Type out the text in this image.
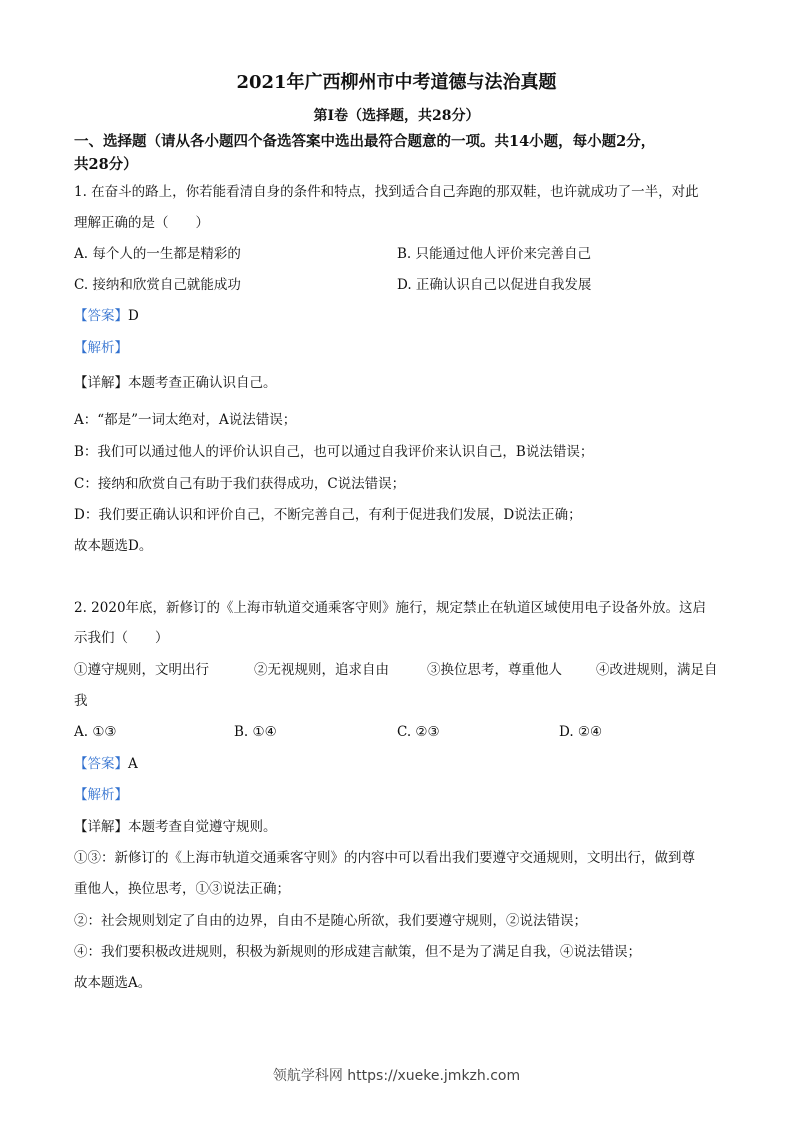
2021年广西柳州市中考道德与法治真题
第Ⅰ卷（选择题，共28分）
一、选择题（请从各小题四个备选答案中选出最符合题意的一项。共14小题，每小题2分，
共28分）
1. 在奋斗的路上，你若能看清自身的条件和特点，找到适合自己奔跑的那双鞋，也许就成功了一半，对此
理解正确的是（　　）
A. 每个人的一生都是精彩的	B. 只能通过他人评价来完善自己
C. 接纳和欣赏自己就能成功	D. 正确认识自己以促进自我发展
【答案】D
【解析】
【详解】本题考查正确认识自己。
A：“都是”一词太绝对，A说法错误；
B：我们可以通过他人的评价认识自己，也可以通过自我评价来认识自己，B说法错误；
C：接纳和欣赏自己有助于我们获得成功，C说法错误；
D：我们要正确认识和评价自己，不断完善自己，有利于促进我们发展，D说法正确；
故本题选D。
2. 2020年底，新修订的《上海市轨道交通乘客守则》施行，规定禁止在轨道区域使用电子设备外放。这启
示我们（　　）
①遵守规则，文明出行	②无视规则，追求自由	③换位思考，尊重他人	④改进规则，满足自
我
A. ①③	B. ①④	C. ②③	D. ②④
【答案】A
【解析】
【详解】本题考查自觉遵守规则。
①③：新修订的《上海市轨道交通乘客守则》的内容中可以看出我们要遵守交通规则，文明出行，做到尊
重他人，换位思考，①③说法正确；
②：社会规则划定了自由的边界，自由不是随心所欲，我们要遵守规则，②说法错误；
④：我们要积极改进规则，积极为新规则的形成建言献策，但不是为了满足自我，④说法错误；
故本题选A。
领航学科网 https://xueke.jmkzh.com
